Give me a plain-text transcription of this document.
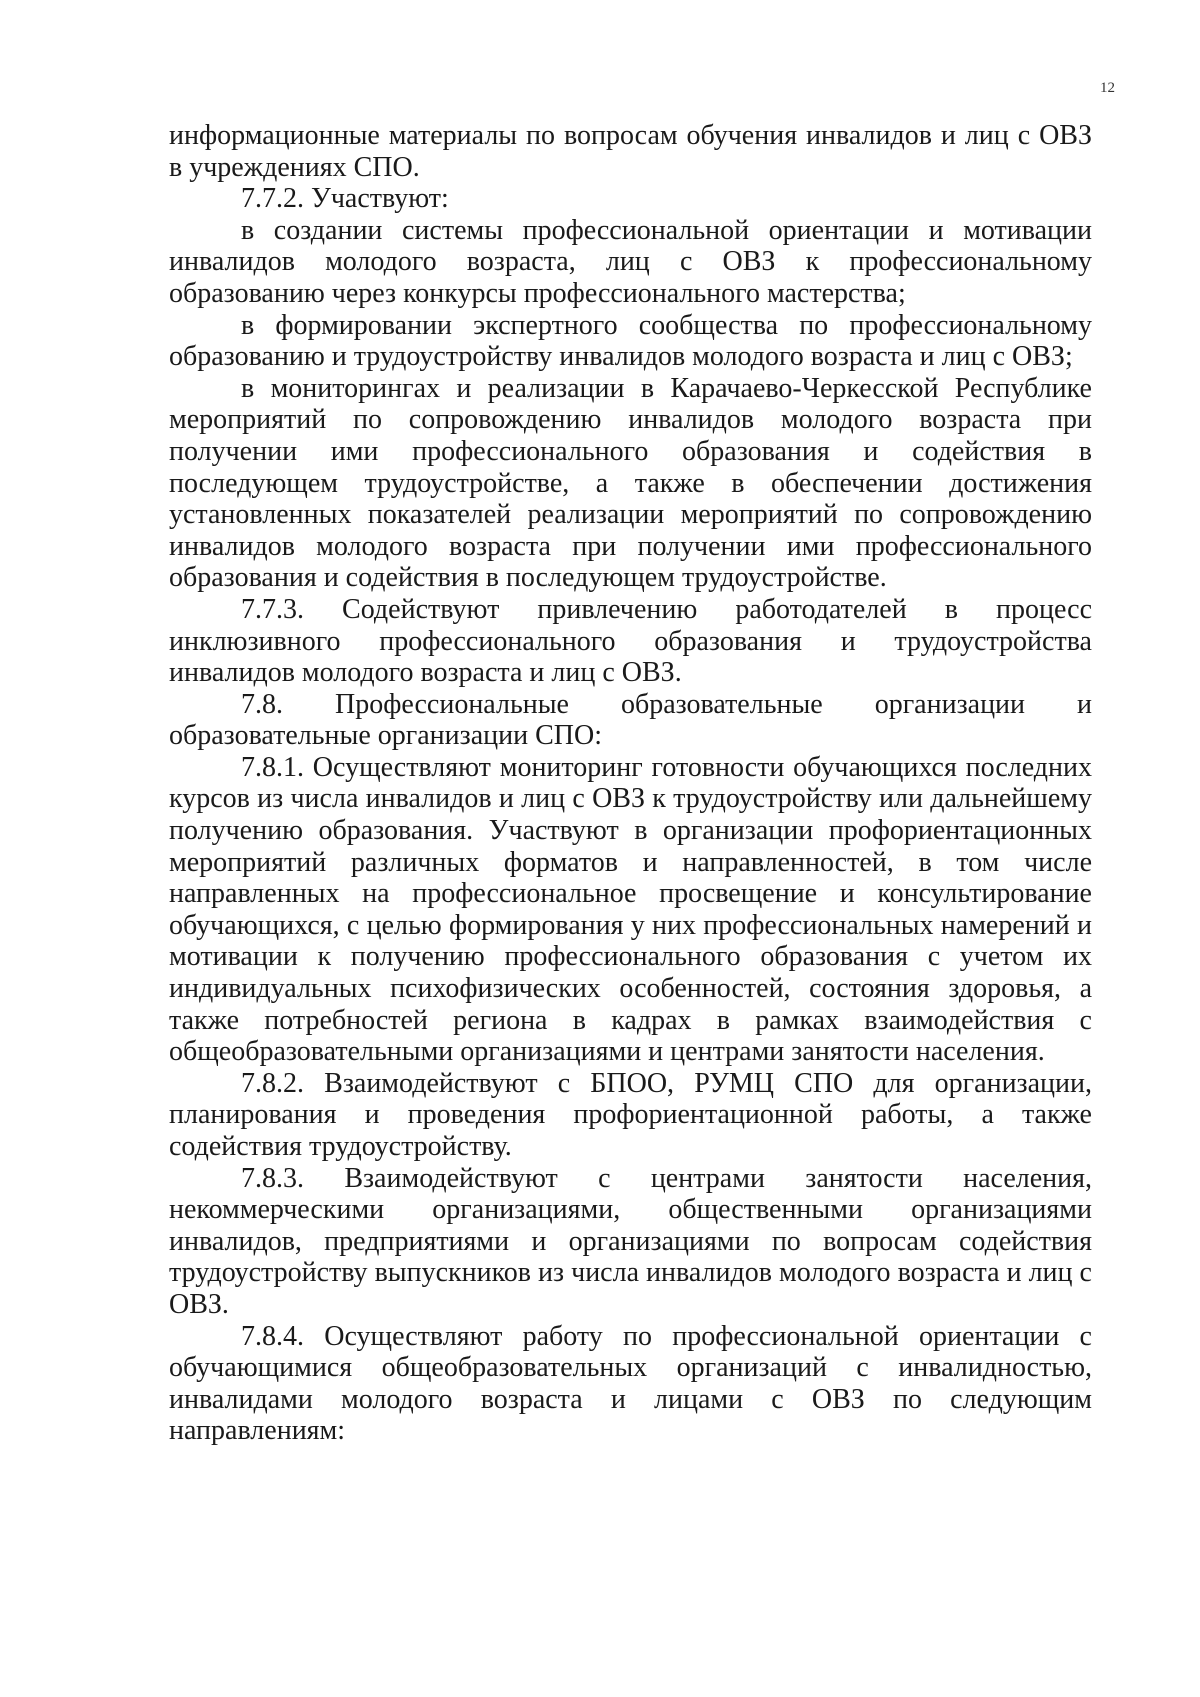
12

информационные материалы по вопросам обучения инвалидов и лиц с ОВЗ в учреждениях СПО.

7.7.2. Участвуют:

в создании системы профессиональной ориентации и мотивации инвалидов молодого возраста, лиц с ОВЗ к профессиональному образованию через конкурсы профессионального мастерства;

в формировании экспертного сообщества по профессиональному образованию и трудоустройству инвалидов молодого возраста и лиц с ОВЗ;

в мониторингах и реализации в Карачаево-Черкесской Республике мероприятий по сопровождению инвалидов молодого возраста при получении ими профессионального образования и содействия в последующем трудоустройстве, а также в обеспечении достижения установленных показателей реализации мероприятий по сопровождению инвалидов молодого возраста при получении ими профессионального образования и содействия в последующем трудоустройстве.

7.7.3. Содействуют привлечению работодателей в процесс инклюзивного профессионального образования и трудоустройства инвалидов молодого возраста и лиц с ОВЗ.

7.8. Профессиональные образовательные организации и образовательные организации СПО:

7.8.1. Осуществляют мониторинг готовности обучающихся последних курсов из числа инвалидов и лиц с ОВЗ к трудоустройству или дальнейшему получению образования. Участвуют в организации профориентационных мероприятий различных форматов и направленностей, в том числе направленных на профессиональное просвещение и консультирование обучающихся, с целью формирования у них профессиональных намерений и мотивации к получению профессионального образования с учетом их индивидуальных психофизических особенностей, состояния здоровья, а также потребностей региона в кадрах в рамках взаимодействия с общеобразовательными организациями и центрами занятости населения.

7.8.2. Взаимодействуют с БПОО, РУМЦ СПО для организации, планирования и проведения профориентационной работы, а также содействия трудоустройству.

7.8.3. Взаимодействуют с центрами занятости населения, некоммерческими организациями, общественными организациями инвалидов, предприятиями и организациями по вопросам содействия трудоустройству выпускников из числа инвалидов молодого возраста и лиц с ОВЗ.

7.8.4. Осуществляют работу по профессиональной ориентации с обучающимися общеобразовательных организаций с инвалидностью, инвалидами молодого возраста и лицами с ОВЗ по следующим направлениям:
